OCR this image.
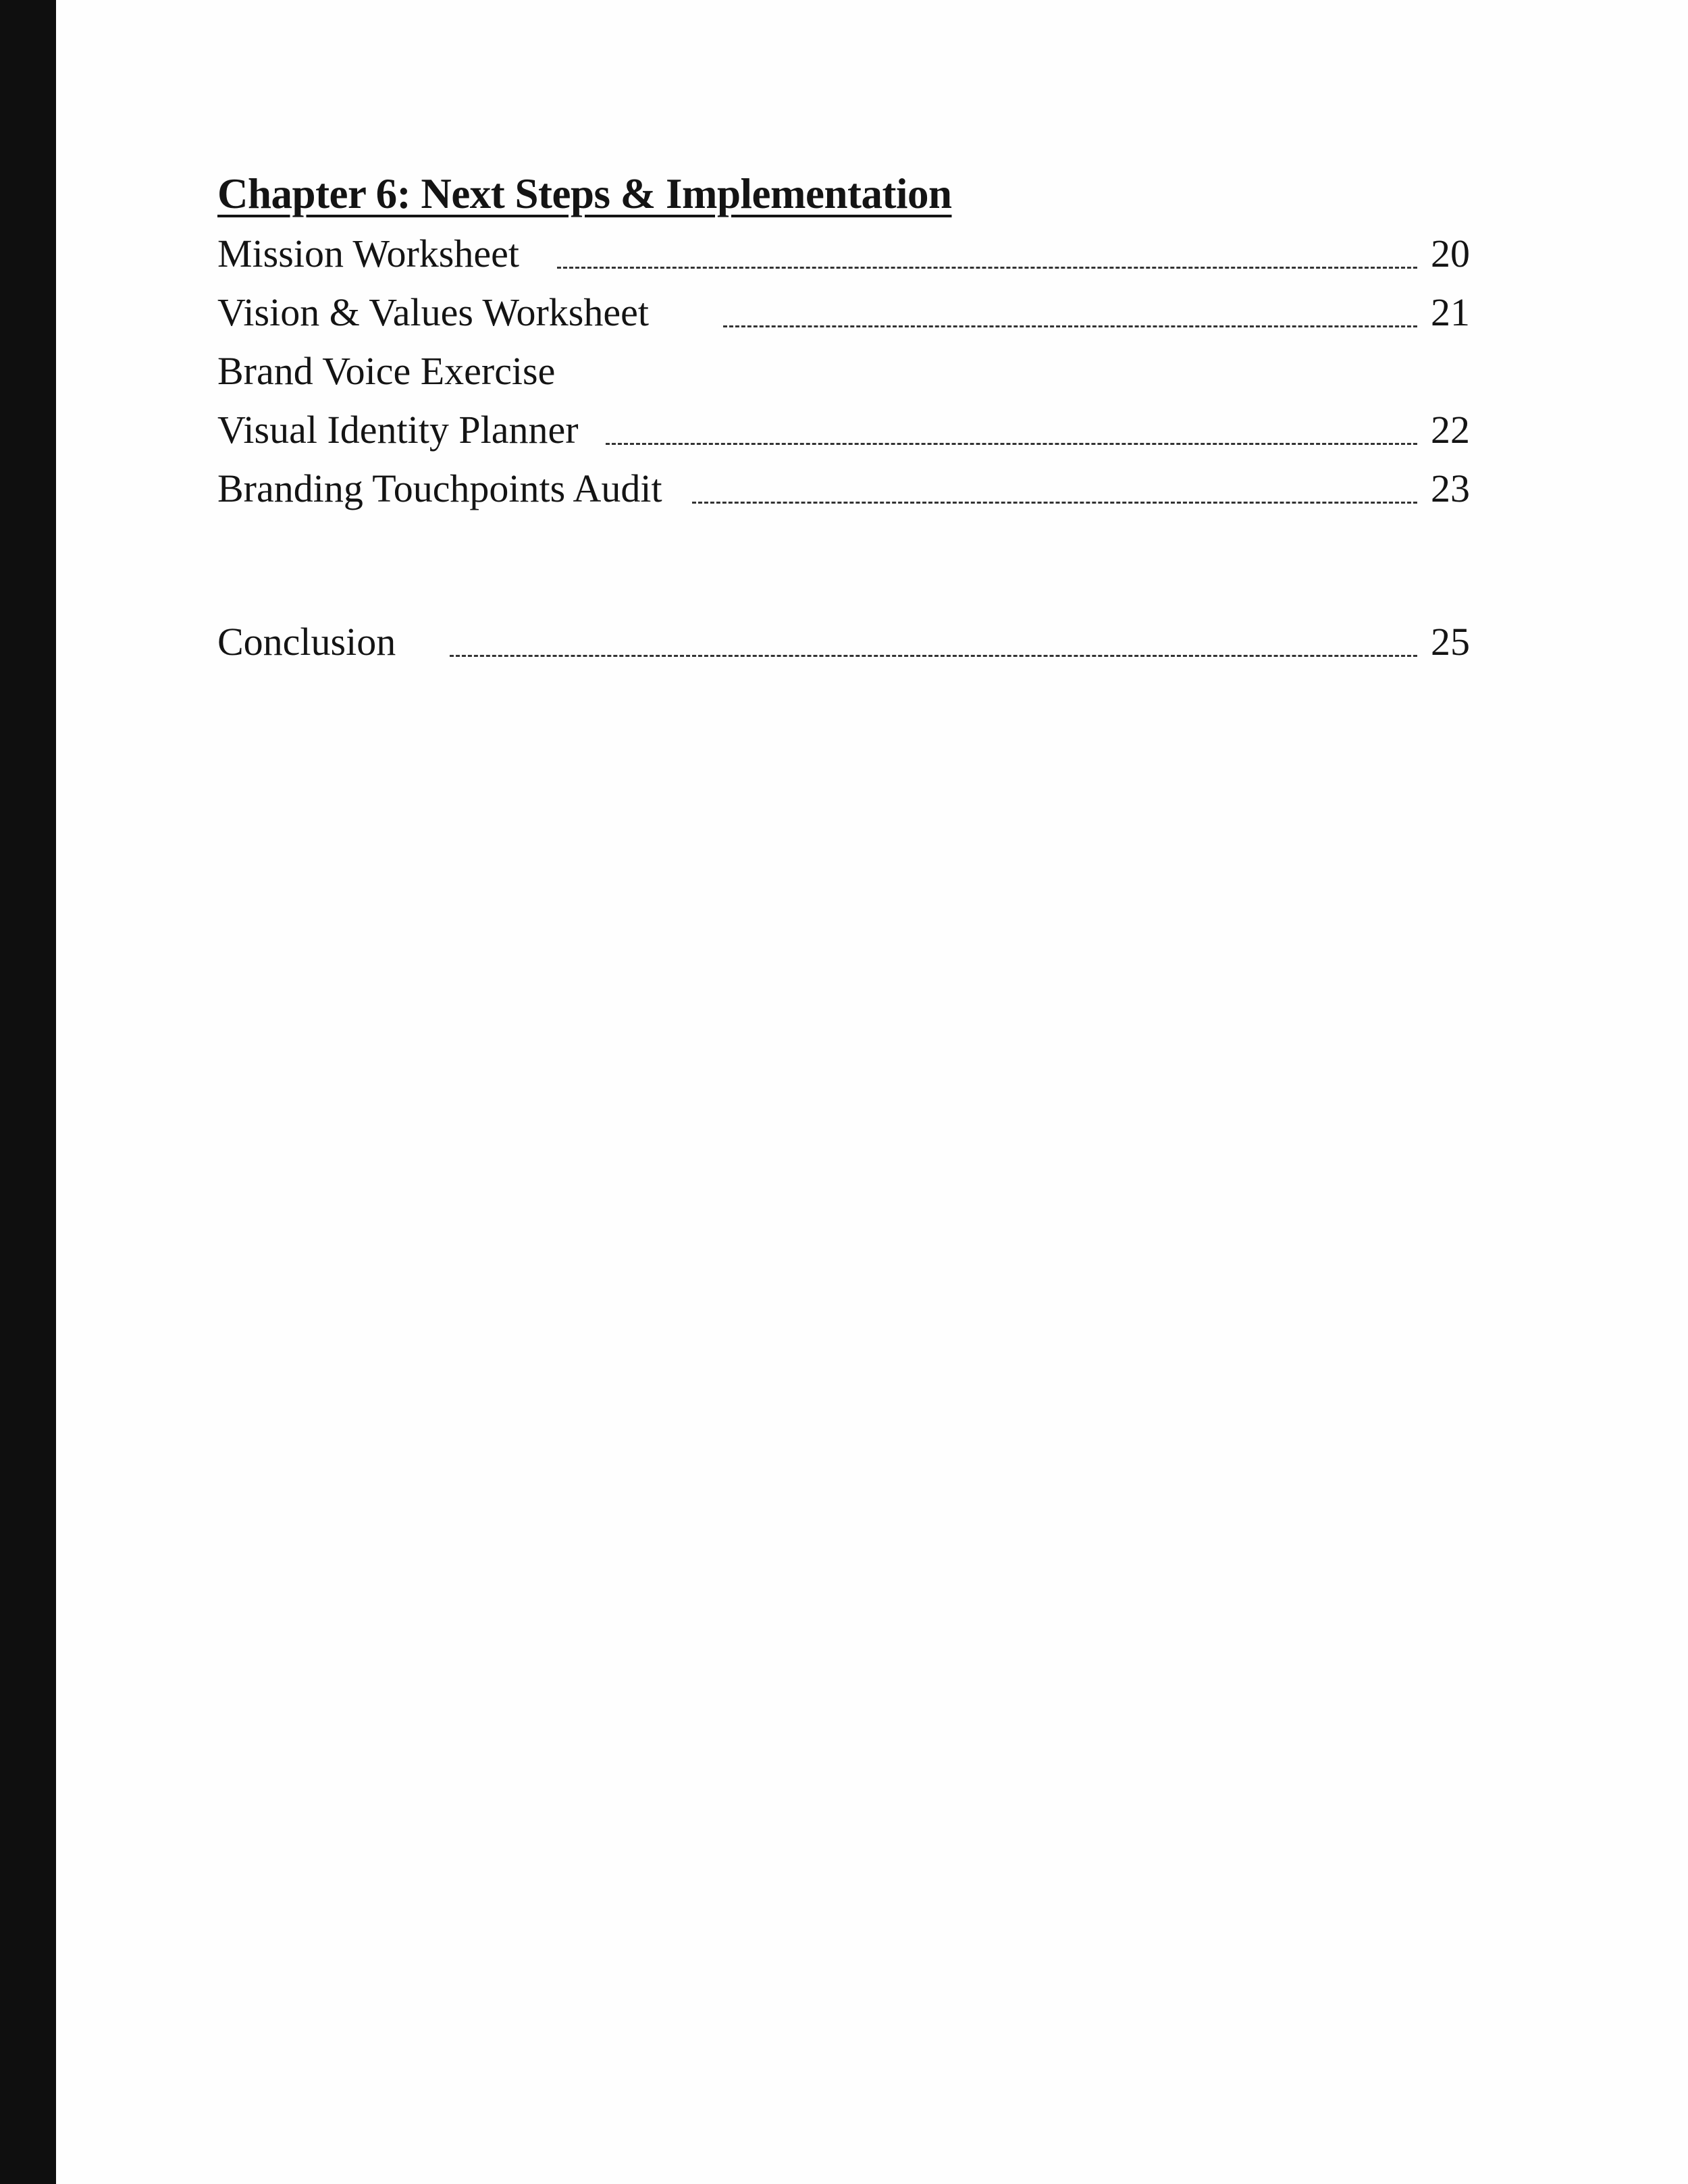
Chapter 6: Next Steps & Implementation
Mission Worksheet	20
Vision & Values Worksheet	21
Brand Voice Exercise
Visual Identity Planner	22
Branding Touchpoints Audit	23
Conclusion	25
